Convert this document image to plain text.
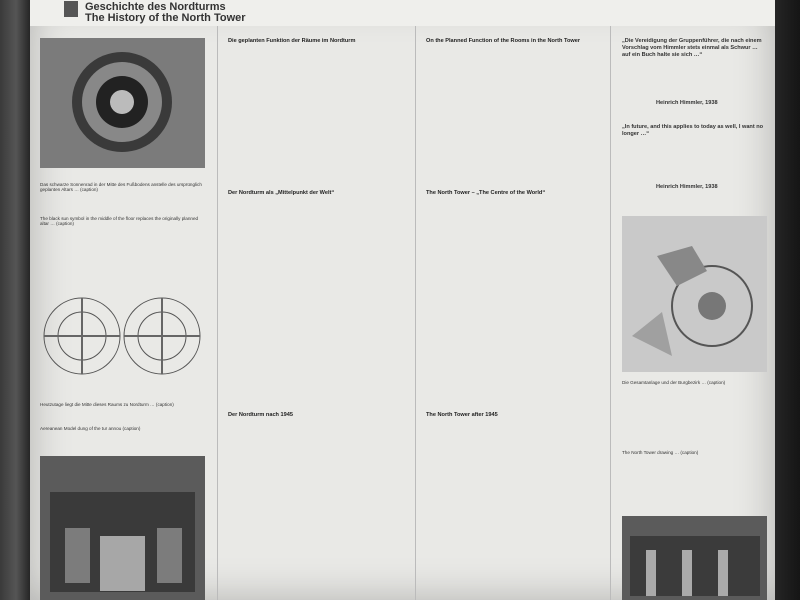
Geschichte des Nordturms
The History of the North Tower
Das schwarze Sonnenrad in der Mitte des Fußbodens anstelle des ursprünglich geplanten Altars … (caption)
The black sun symbol in the middle of the floor replaces the originally planned altar … (caption)
Heutzutage liegt die Mitte dieses Raums zu Nordturm … (caption)
Aereanean Model dung of the tur annou (caption)
Die geplanten Funktion der Räume im Nordturm
Der Nordturm als „Mittelpunkt der Welt“
Der Nordturm nach 1945
On the Planned Function of the Rooms in the North Tower
The North Tower – „The Centre of the World“
The North Tower after 1945
„Die Vereidigung der Gruppenführer, die nach einem Vorschlag vom Himmler stets einmal als Schwur … auf ein Buch halte sie sich …“
Heinrich Himmler, 1938
„In future, and this applies to today as well, I want no longer …“
Heinrich Himmler, 1938
Die Gesamtanlage und der Burgbezirk … (caption)
The North Tower drawing … (caption)
